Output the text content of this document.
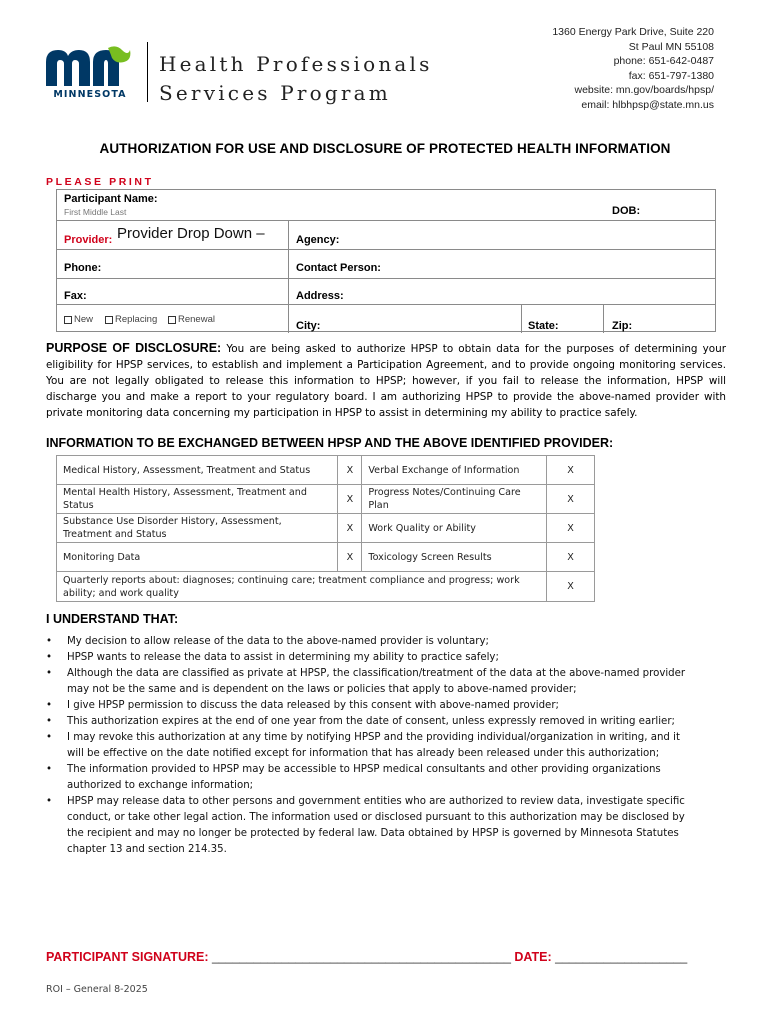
MINNESOTA
Health Professionals
Services Program
1360 Energy Park Drive, Suite 220
St Paul MN 55108
phone: 651-642-0487
fax: 651-797-1380
website: mn.gov/boards/hpsp/
email: hlbhpsp@state.mn.us
AUTHORIZATION FOR USE AND DISCLOSURE OF PROTECTED HEALTH INFORMATION
PLEASE PRINT
Participant Name:
First Middle Last	DOB:
Provider: Provider Drop Down –	Agency:
Phone:	Contact Person:
Fax:	Address:
New Replacing Renewal
City:	State:	Zip:
PURPOSE OF DISCLOSURE: You are being asked to authorize HPSP to obtain data for the purposes of determining your eligibility for HPSP services, to establish and implement a Participation Agreement, and to provide ongoing monitoring services. You are not legally obligated to release this information to HPSP; however, if you fail to release the information, HPSP will discharge you and make a report to your regulatory board. I am authorizing HPSP to provide the above-named provider with private monitoring data concerning my participation in HPSP to assist in determining my ability to practice safely.
INFORMATION TO BE EXCHANGED BETWEEN HPSP AND THE ABOVE IDENTIFIED PROVIDER:
Medical History, Assessment, Treatment and Status	X	Verbal Exchange of Information	X
Mental Health History, Assessment, Treatment and Status	X	Progress Notes/Continuing Care Plan	X
Substance Use Disorder History, Assessment, Treatment and Status	X	Work Quality or Ability	X
Monitoring Data	X	Toxicology Screen Results	X
Quarterly reports about: diagnoses; continuing care; treatment compliance and progress; work ability; and work quality			X
I UNDERSTAND THAT:
• My decision to allow release of the data to the above-named provider is voluntary;
• HPSP wants to release the data to assist in determining my ability to practice safely;
• Although the data are classified as private at HPSP, the classification/treatment of the data at the above-named provider may not be the same and is dependent on the laws or policies that apply to above-named provider;
• I give HPSP permission to discuss the data released by this consent with above-named provider;
• This authorization expires at the end of one year from the date of consent, unless expressly removed in writing earlier;
• I may revoke this authorization at any time by notifying HPSP and the providing individual/organization in writing, and it will be effective on the date notified except for information that has already been released under this authorization;
• The information provided to HPSP may be accessible to HPSP medical consultants and other providing organizations authorized to exchange information;
• HPSP may release data to other persons and government entities who are authorized to review data, investigate specific conduct, or take other legal action. The information used or disclosed pursuant to this authorization may be disclosed by the recipient and may no longer be protected by federal law. Data obtained by HPSP is governed by Minnesota Statutes chapter 13 and section 214.35.
PARTICIPANT SIGNATURE: ___________________________________________ DATE: ___________________
ROI – General 8-2025
